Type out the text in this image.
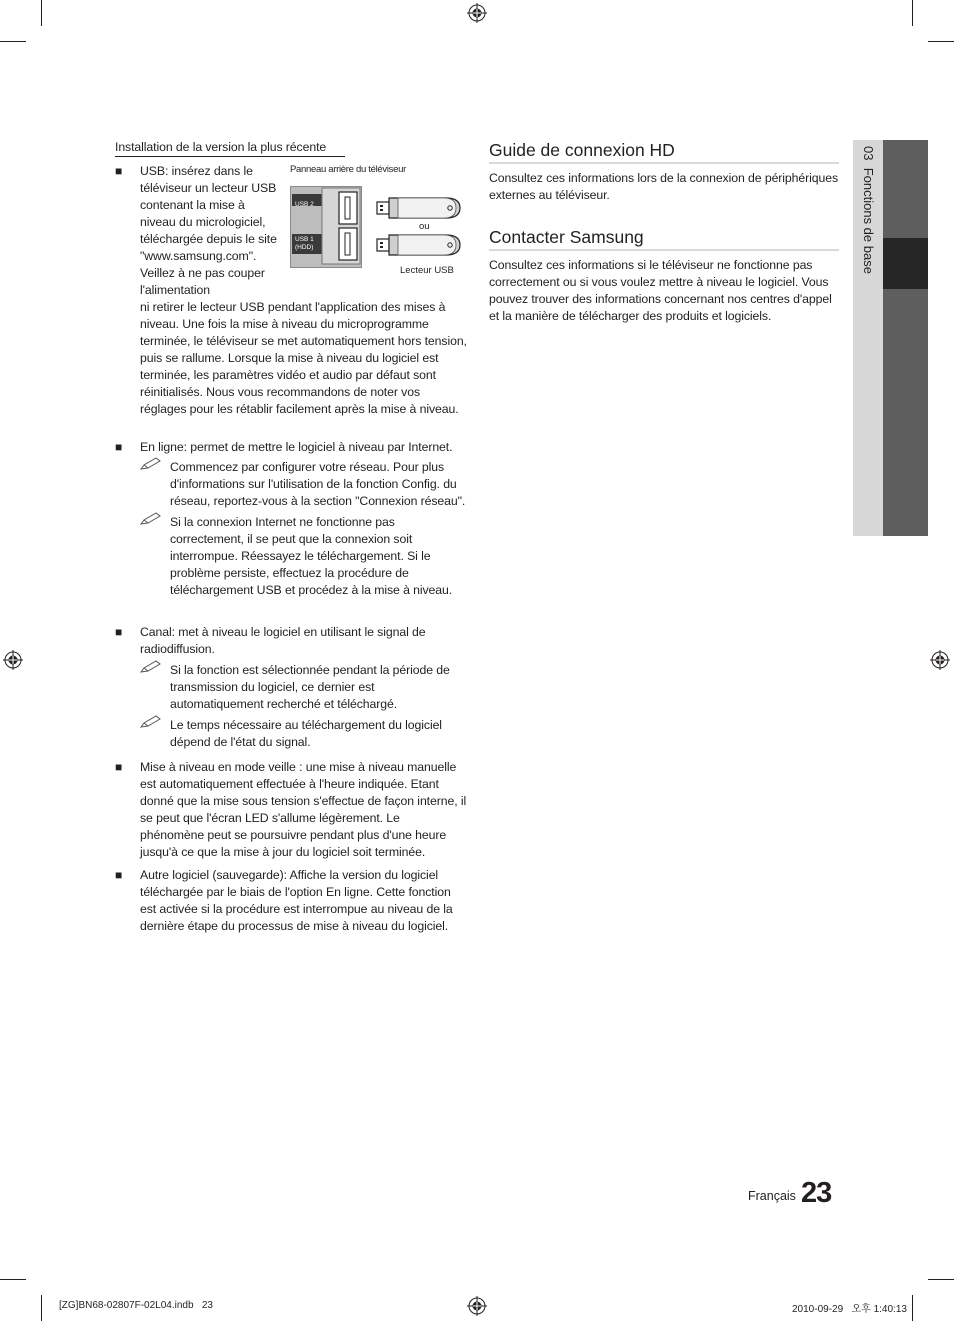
Installation de la version la plus récente
■ USB: insérez dans le téléviseur un lecteur USB contenant la mise à niveau du micrologiciel, téléchargée depuis le site "www.samsung.com". Veillez à ne pas couper l'alimentation
ni retirer le lecteur USB pendant l'application des mises à niveau. Une fois la mise à niveau du microprogramme terminée, le téléviseur se met automatiquement hors tension, puis se rallume. Lorsque la mise à niveau du logiciel est terminée, les paramètres vidéo et audio par défaut sont réinitialisés. Nous vous recommandons de noter vos réglages pour les rétablir facilement après la mise à niveau.
Panneau arrière du téléviseur
USB 2
USB 1
(HDD)
ou
Lecteur USB
■ En ligne: permet de mettre le logiciel à niveau par Internet.
Commencez par configurer votre réseau. Pour plus d'informations sur l'utilisation de la fonction Config. du réseau, reportez-vous à la section "Connexion réseau".
Si la connexion Internet ne fonctionne pas correctement, il se peut que la connexion soit interrompue. Réessayez le téléchargement. Si le problème persiste, effectuez la procédure de téléchargement USB et procédez à la mise à niveau.
■ Canal: met à niveau le logiciel en utilisant le signal de radiodiffusion.
Si la fonction est sélectionnée pendant la période de transmission du logiciel, ce dernier est automatiquement recherché et téléchargé.
Le temps nécessaire au téléchargement du logiciel dépend de l'état du signal.
■ Mise à niveau en mode veille : une mise à niveau manuelle est automatiquement effectuée à l'heure indiquée. Etant donné que la mise sous tension s'effectue de façon interne, il se peut que l'écran LED s'allume légèrement. Le phénomène peut se poursuivre pendant plus d'une heure jusqu'à ce que la mise à jour du logiciel soit terminée.
■ Autre logiciel (sauvegarde): Affiche la version du logiciel téléchargée par le biais de l'option En ligne. Cette fonction est activée si la procédure est interrompue au niveau de la dernière étape du processus de mise à niveau du logiciel.
Guide de connexion HD
Consultez ces informations lors de la connexion de périphériques externes au téléviseur.
Contacter Samsung
Consultez ces informations si le téléviseur ne fonctionne pas correctement ou si vous voulez mettre à niveau le logiciel. Vous pouvez trouver des informations concernant nos centres d'appel et la manière de télécharger des produits et logiciels.
03  Fonctions de base
Français 23
[ZG]BN68-02807F-02L04.indb   23	2010-09-29   오후 1:40:13
